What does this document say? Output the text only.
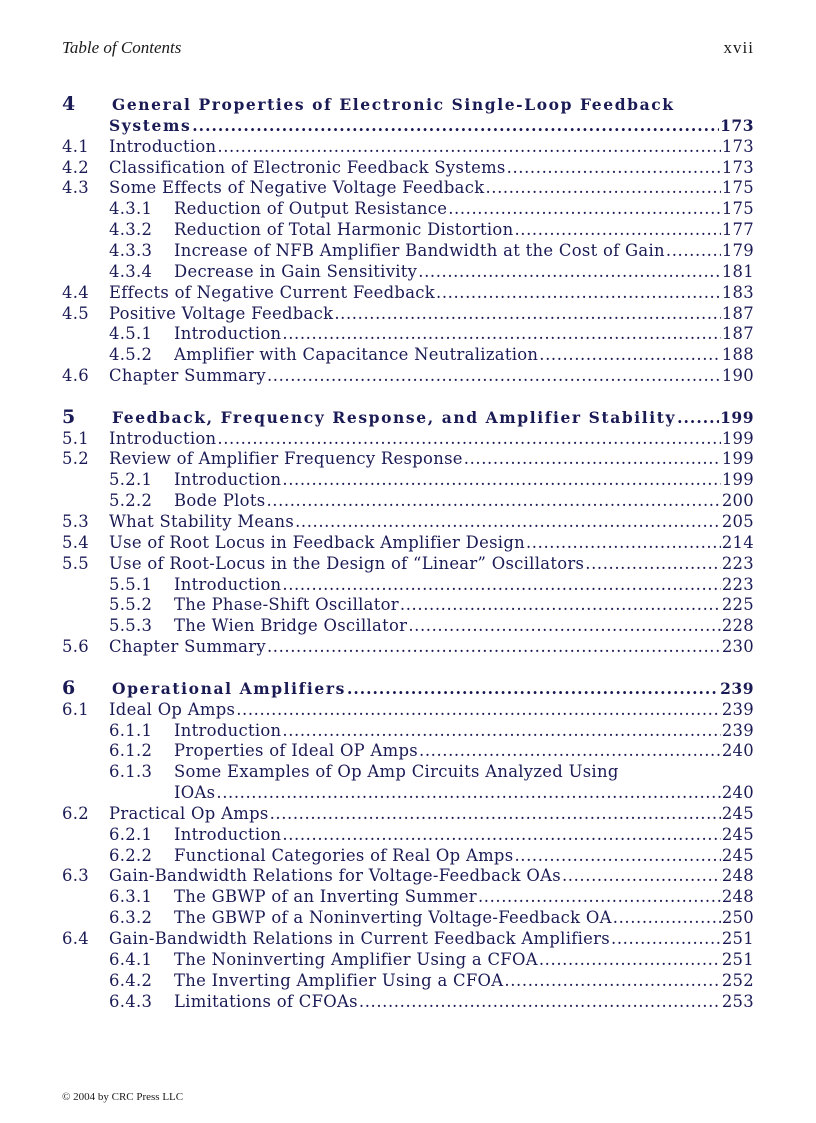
Table of Contents	xvii
4 General Properties of Electronic Single-Loop Feedback
Systems . . .	173
4.1 Introduction . . .	173
4.2 Classification of Electronic Feedback Systems . . .	173
4.3 Some Effects of Negative Voltage Feedback . . .	175
4.3.1 Reduction of Output Resistance . . .	175
4.3.2 Reduction of Total Harmonic Distortion . . .	177
4.3.3 Increase of NFB Amplifier Bandwidth at the Cost of Gain . . .	179
4.3.4 Decrease in Gain Sensitivity . . .	181
4.4 Effects of Negative Current Feedback . . .	183
4.5 Positive Voltage Feedback . . .	187
4.5.1 Introduction . . .	187
4.5.2 Amplifier with Capacitance Neutralization . . .	188
4.6 Chapter Summary . . .	190
5 Feedback, Frequency Response, and Amplifier Stability . . .	199
5.1 Introduction . . .	199
5.2 Review of Amplifier Frequency Response . . .	199
5.2.1 Introduction . . .	199
5.2.2 Bode Plots . . .	200
5.3 What Stability Means . . .	205
5.4 Use of Root Locus in Feedback Amplifier Design . . .	214
5.5 Use of Root-Locus in the Design of “Linear” Oscillators . . .	223
5.5.1 Introduction . . .	223
5.5.2 The Phase-Shift Oscillator . . .	225
5.5.3 The Wien Bridge Oscillator . . .	228
5.6 Chapter Summary . . .	230
6 Operational Amplifiers . . .	239
6.1 Ideal Op Amps . . .	239
6.1.1 Introduction . . .	239
6.1.2 Properties of Ideal OP Amps . . .	240
6.1.3 Some Examples of Op Amp Circuits Analyzed Using
IOAs . . .	240
6.2 Practical Op Amps . . .	245
6.2.1 Introduction . . .	245
6.2.2 Functional Categories of Real Op Amps . . .	245
6.3 Gain-Bandwidth Relations for Voltage-Feedback OAs . . .	248
6.3.1 The GBWP of an Inverting Summer . . .	248
6.3.2 The GBWP of a Noninverting Voltage-Feedback OA . . .	250
6.4 Gain-Bandwidth Relations in Current Feedback Amplifiers . . .	251
6.4.1 The Noninverting Amplifier Using a CFOA . . .	251
6.4.2 The Inverting Amplifier Using a CFOA . . .	252
6.4.3 Limitations of CFOAs . . .	253
© 2004 by CRC Press LLC
